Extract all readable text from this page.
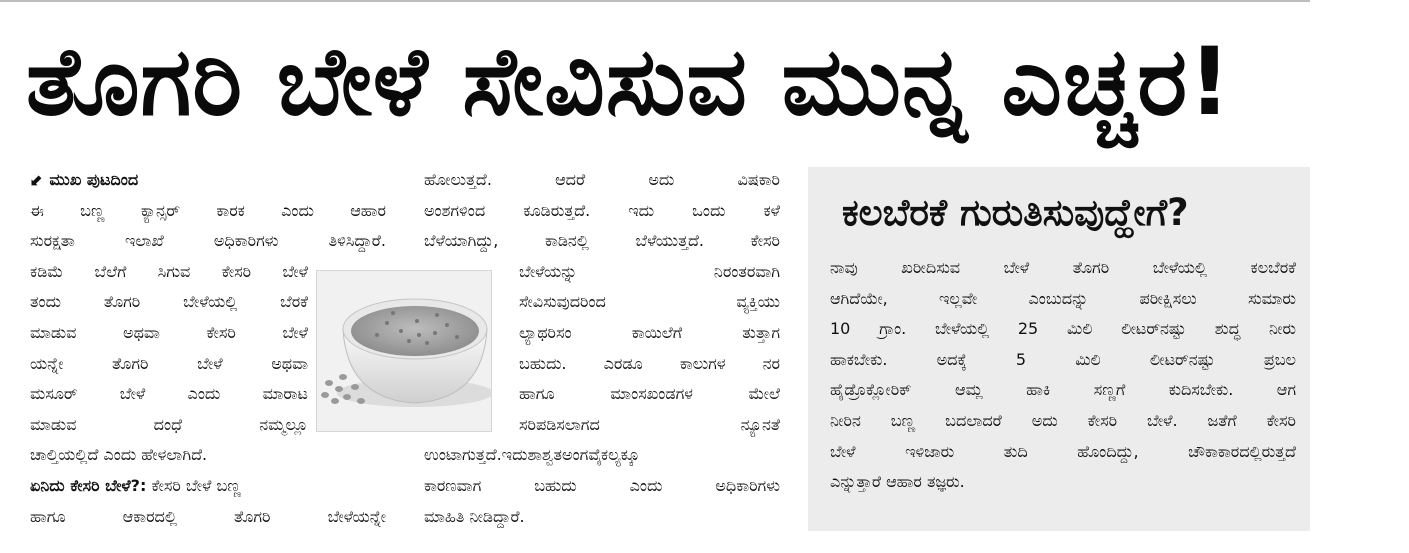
ತೊಗರಿ ಬೇಳೆ ಸೇವಿಸುವ ಮುನ್ನ ಎಚ್ಚರ!
⬋ ಮುಖ ಪುಟದಿಂದ
ಈ ಬಣ್ಣ ಕ್ಯಾನ್ಸರ್ ಕಾರಕ ಎಂದು ಆಹಾರ
ಸುರಕ್ಷತಾ ಇಲಾಖೆ ಅಧಿಕಾರಿಗಳು ತಿಳಿಸಿದ್ದಾರೆ.
ಕಡಿಮೆ ಬೆಲೆಗೆ ಸಿಗುವ ಕೇಸರಿ ಬೇಳೆ
ತಂದು ತೊಗರಿ ಬೇಳೆಯಲ್ಲಿ ಬೆರಕೆ
ಮಾಡುವ ಅಥವಾ ಕೇಸರಿ ಬೇಳೆ
ಯನ್ನೇ ತೊಗರಿ ಬೇಳೆ ಅಥವಾ
ಮಸೂರ್ ಬೇಳೆ ಎಂದು ಮಾರಾಟ
ಮಾಡುವ ದಂಧೆ ನಮ್ಮಲ್ಲೂ
ಚಾಲ್ತಿಯಲ್ಲಿದೆ ಎಂದು ಹೇಳಲಾಗಿದೆ.
ಏನಿದು ಕೇಸರಿ ಬೇಳೆ?: ಕೇಸರಿ ಬೇಳೆ ಬಣ್ಣ
ಹಾಗೂ ಆಕಾರದಲ್ಲಿ ತೊಗರಿ ಬೇಳೆಯನ್ನೇ
ಹೋಲುತ್ತದೆ. ಆದರೆ ಅದು ವಿಷಕಾರಿ
ಅಂಶಗಳಿಂದ ಕೂಡಿರುತ್ತದೆ. ಇದು ಒಂದು ಕಳೆ
ಬೆಳೆಯಾಗಿದ್ದು, ಕಾಡಿನಲ್ಲಿ ಬೆಳೆಯುತ್ತದೆ. ಕೇಸರಿ
ಬೇಳೆಯನ್ನು ನಿರಂತರವಾಗಿ
ಸೇವಿಸುವುದರಿಂದ ವ್ಯಕ್ತಿಯು
ಲ್ಯಾಥರಿಸಂ ಕಾಯಿಲೆಗೆ ತುತ್ತಾಗ
ಬಹುದು. ಎರಡೂ ಕಾಲುಗಳ ನರ
ಹಾಗೂ ಮಾಂಸಖಂಡಗಳ ಮೇಲೆ
ಸರಿಪಡಿಸಲಾಗದ ನ್ಯೂನತೆ
ಉಂಟಾಗುತ್ತದೆ.ಇದುಶಾಶ್ವತಅಂಗವೈಕಲ್ಯಕ್ಕೂ
ಕಾರಣವಾಗ ಬಹುದು ಎಂದು ಅಧಿಕಾರಿಗಳು
ಮಾಹಿತಿ ನೀಡಿದ್ದಾರೆ.
ಕಲಬೆರಕೆ ಗುರುತಿಸುವುದ್ಹೇಗೆ?
ನಾವು ಖರೀದಿಸುವ ಬೇಳೆ ತೊಗರಿ ಬೇಳೆಯಲ್ಲಿ ಕಲಬೆರಕೆ
ಆಗಿದೆಯೇ, ಇಲ್ಲವೇ ಎಂಬುದನ್ನು ಪರೀಕ್ಷಿಸಲು ಸುಮಾರು
10 ಗ್ರಾಂ. ಬೇಳೆಯಲ್ಲಿ 25 ಮಿಲಿ ಲೀಟರ್‌ನಷ್ಟು ಶುದ್ಧ ನೀರು
ಹಾಕಬೇಕು. ಅದಕ್ಕೆ 5 ಮಿಲಿ ಲೀಟರ್‌ನಷ್ಟು ಪ್ರಬಲ
ಹೈಡ್ರೊಕ್ಲೋರಿಕ್ ಆಮ್ಲ ಹಾಕಿ ಸಣ್ಣಗೆ ಕುದಿಸಬೇಕು. ಆಗ
ನೀರಿನ ಬಣ್ಣ ಬದಲಾದರೆ ಅದು ಕೇಸರಿ ಬೇಳೆ. ಜತೆಗೆ ಕೇಸರಿ
ಬೇಳೆ ಇಳಿಜಾರು ತುದಿ ಹೊಂದಿದ್ದು, ಚೌಕಾಕಾರದಲ್ಲಿರುತ್ತದೆ
ಎನ್ನುತ್ತಾರೆ ಆಹಾರ ತಜ್ಞರು.
